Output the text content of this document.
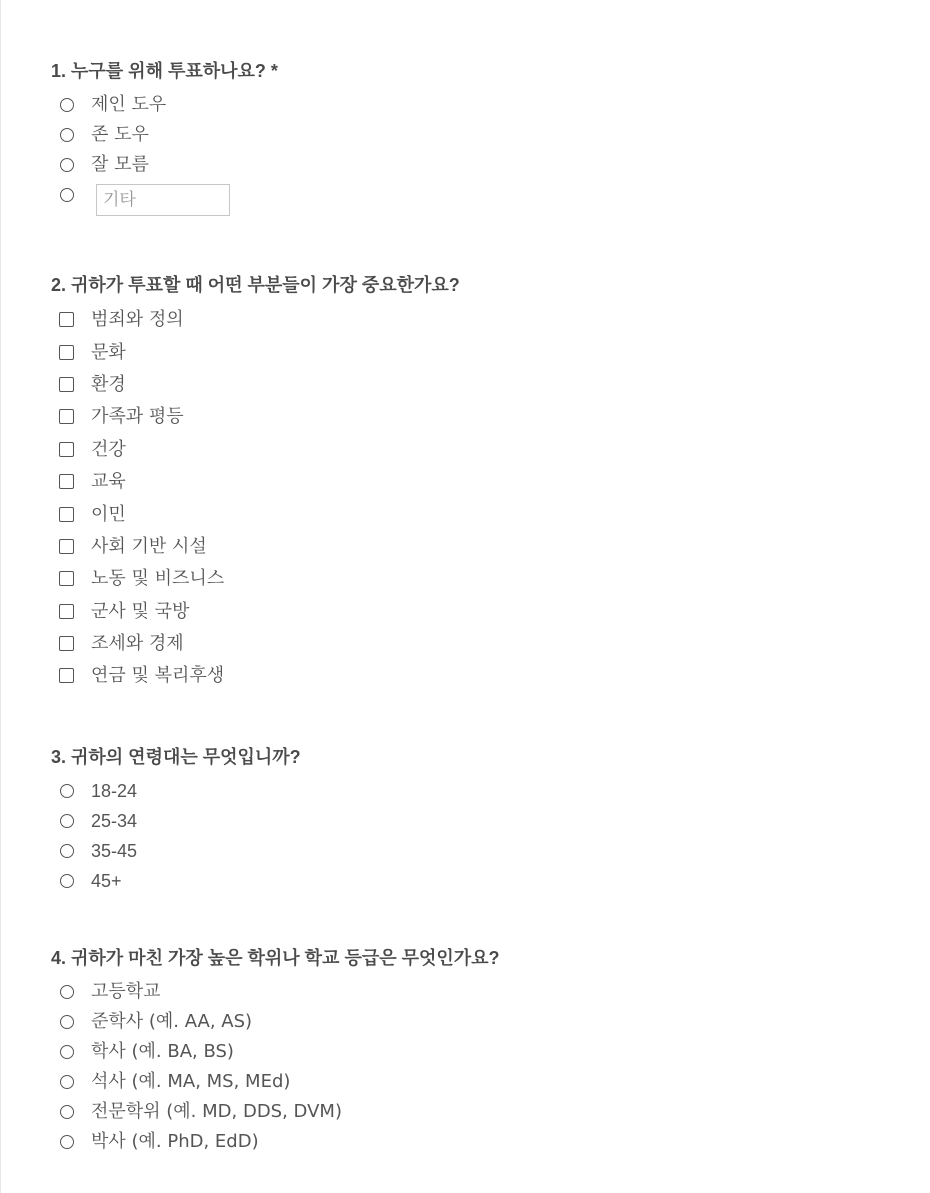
1. 누구를 위해 투표하나요? *
제인 도우
존 도우
잘 모름
기타
2. 귀하가 투표할 때 어떤 부분들이 가장 중요한가요?
범죄와 정의
문화
환경
가족과 평등
건강
교육
이민
사회 기반 시설
노동 및 비즈니스
군사 및 국방
조세와 경제
연금 및 복리후생
3. 귀하의 연령대는 무엇입니까?
18-24
25-34
35-45
45+
4. 귀하가 마친 가장 높은 학위나 학교 등급은 무엇인가요?
고등학교
준학사 (예. AA, AS)
학사 (예. BA, BS)
석사 (예. MA, MS, MEd)
전문학위 (예. MD, DDS, DVM)
박사 (예. PhD, EdD)
